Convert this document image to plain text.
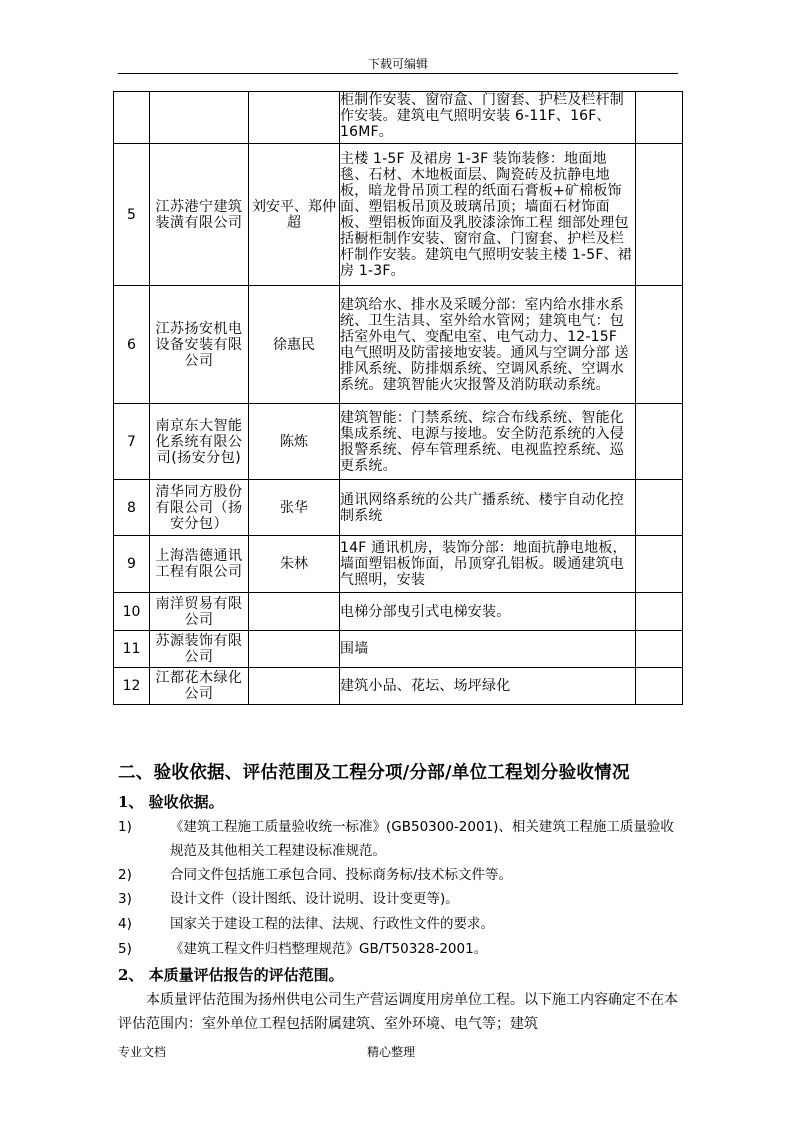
下载可编辑
			柜制作安装、窗帘盒、门窗套、护栏及栏杆制作安装。建筑电气照明安装 6-11F、16F、16MF。	
5	江苏港宁建筑装潢有限公司	刘安平、郑仲超	主楼 1-5F 及裙房 1-3F 装饰装修：地面地毯、石材、木地板面层、陶瓷砖及抗静电地板，暗龙骨吊顶工程的纸面石膏板+矿棉板饰面、塑铝板吊顶及玻璃吊顶；墙面石材饰面板、塑铝板饰面及乳胶漆涂饰工程 细部处理包括橱柜制作安装、窗帘盒、门窗套、护栏及栏杆制作安装。建筑电气照明安装主楼 1-5F、裙房 1-3F。	
6	江苏扬安机电设备安装有限公司	徐惠民	建筑给水、排水及采暖分部：室内给水排水系统、卫生洁具、室外给水管网；建筑电气：包括室外电气、变配电室、电气动力、12-15F 电气照明及防雷接地安装。通风与空调分部 送排风系统、防排烟系统、空调风系统、空调水系统。建筑智能火灾报警及消防联动系统。	
7	南京东大智能化系统有限公司(扬安分包)	陈炼	建筑智能：门禁系统、综合布线系统、智能化集成系统、电源与接地。安全防范系统的入侵报警系统、停车管理系统、电视监控系统、巡更系统。	
8	清华同方股份有限公司（扬安分包）	张华	通讯网络系统的公共广播系统、楼宇自动化控制系统	
9	上海浩德通讯工程有限公司	朱林	14F 通讯机房，装饰分部：地面抗静电地板，墙面塑铝板饰面，吊顶穿孔铝板。暖通建筑电气照明，安装	
10	南洋贸易有限公司		电梯分部曳引式电梯安装。	
11	苏源装饰有限公司		围墙	
12	江都花木绿化公司		建筑小品、花坛、场坪绿化	
二、验收依据、评估范围及工程分项/分部/单位工程划分验收情况
1、 验收依据。
1)	《建筑工程施工质量验收统一标准》(GB50300-2001)、相关建筑工程施工质量验收规范及其他相关工程建设标准规范。
2)	合同文件包括施工承包合同、投标商务标/技术标文件等。
3)	设计文件（设计图纸、设计说明、设计变更等)。
4)	国家关于建设工程的法律、法规、行政性文件的要求。
5)	《建筑工程文件归档整理规范》GB/T50328-2001。
2、 本质量评估报告的评估范围。
本质量评估范围为扬州供电公司生产营运调度用房单位工程。以下施工内容确定不在本评估范围内：室外单位工程包括附属建筑、室外环境、电气等；建筑
专业文档	精心整理
